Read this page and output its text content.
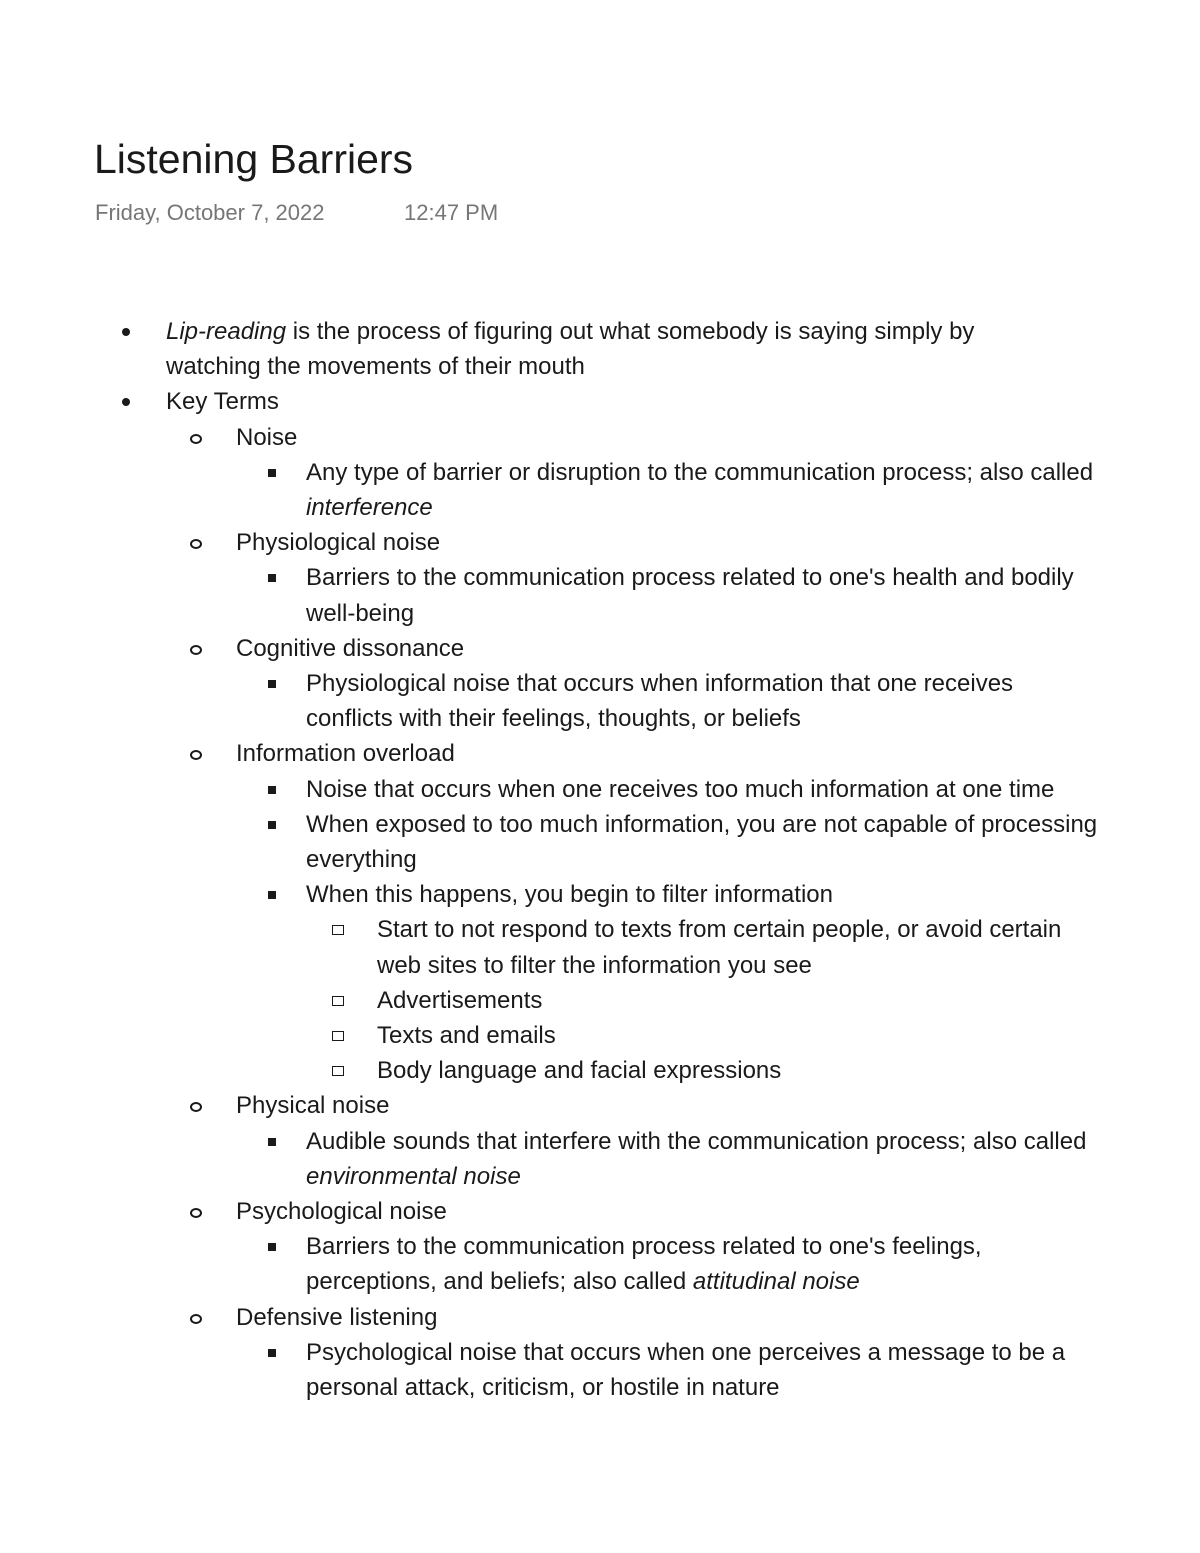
Listening Barriers
Friday, October 7, 2022	12:47 PM
Lip-reading is the process of figuring out what somebody is saying simply by watching the movements of their mouth
Key Terms
Noise
Any type of barrier or disruption to the communication process; also called interference
Physiological noise
Barriers to the communication process related to one's health and bodily well-being
Cognitive dissonance
Physiological noise that occurs when information that one receives conflicts with their feelings, thoughts, or beliefs
Information overload
Noise that occurs when one receives too much information at one time
When exposed to too much information, you are not capable of processing everything
When this happens, you begin to filter information
Start to not respond to texts from certain people, or avoid certain web sites to filter the information you see
Advertisements
Texts and emails
Body language and facial expressions
Physical noise
Audible sounds that interfere with the communication process; also called environmental noise
Psychological noise
Barriers to the communication process related to one's feelings, perceptions, and beliefs; also called attitudinal noise
Defensive listening
Psychological noise that occurs when one perceives a message to be a personal attack, criticism, or hostile in nature
